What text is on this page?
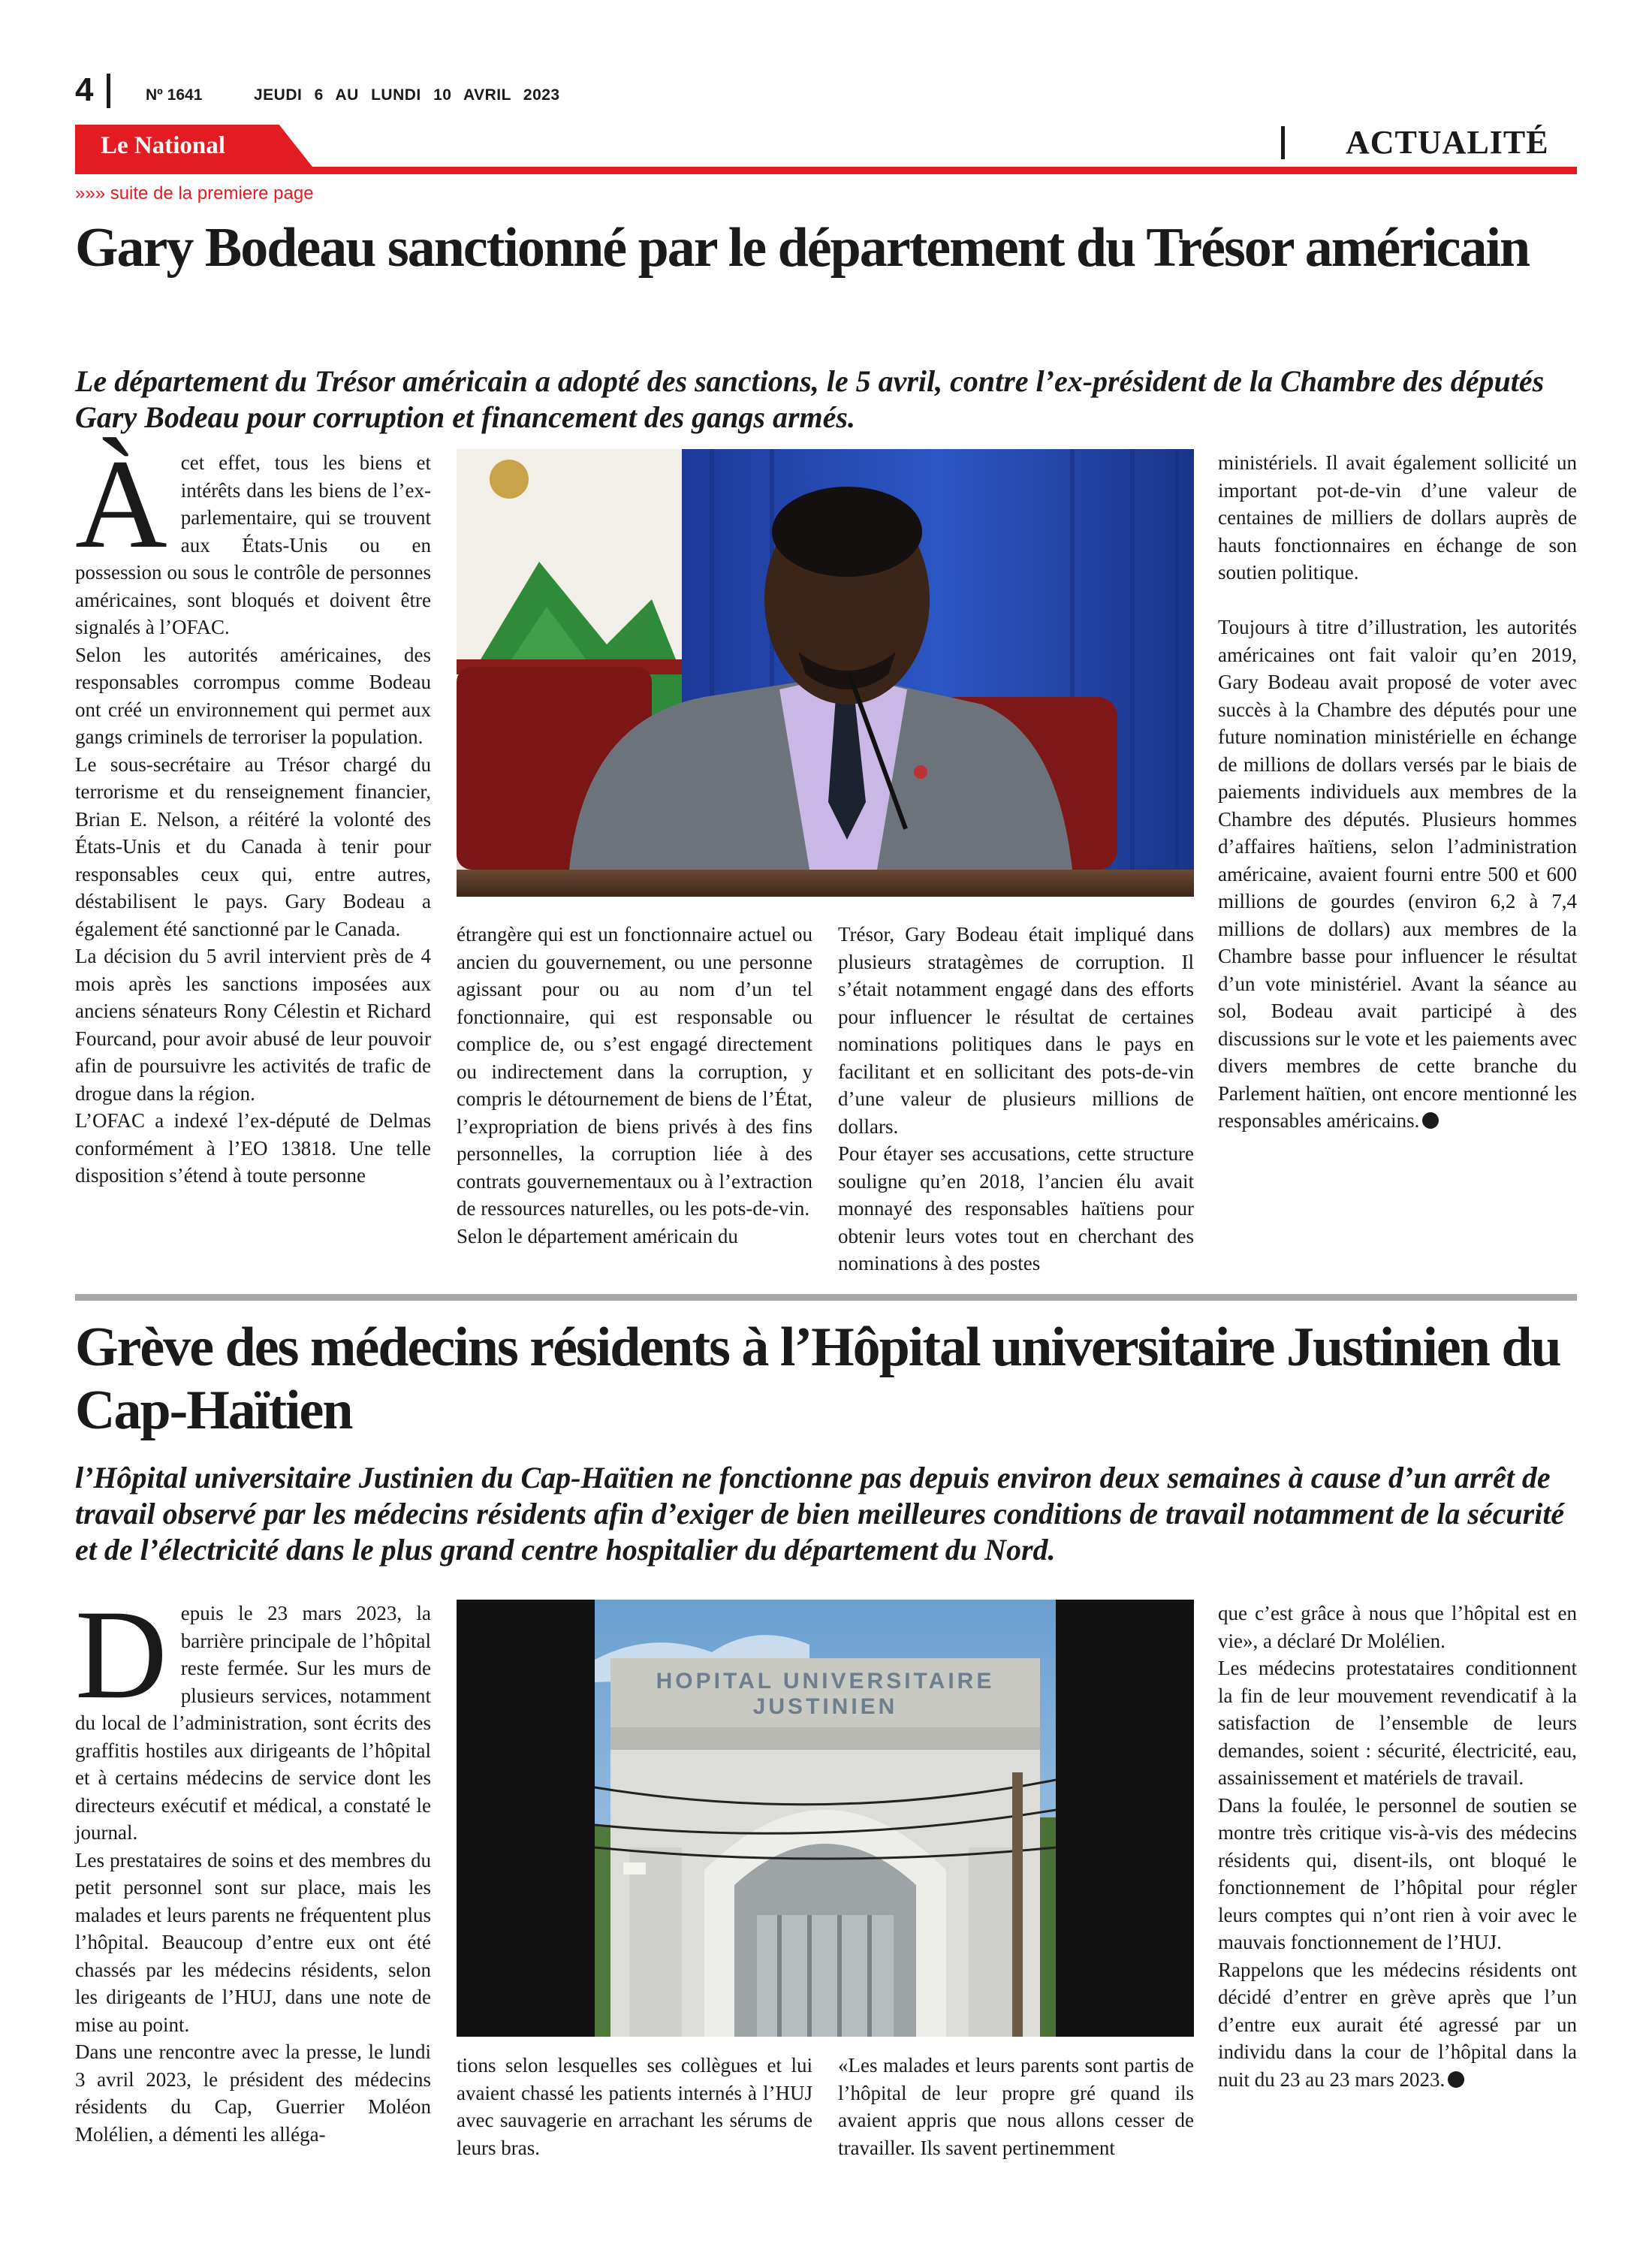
4	Nº 1641	JEUDI 6 AU LUNDI 10 AVRIL 2023
Le National	ACTUALITÉ
»»» suite de la premiere page
Gary Bodeau sanctionné par le département du Trésor américain

Le département du Trésor américain a adopté des sanctions, le 5 avril, contre l’ex-président de la Chambre des députés Gary Bodeau pour corruption et financement des gangs armés.

Àcet effet, tous les biens et intérêts dans les biens de l’ex-parlementaire, qui se trouvent aux États-Unis ou en possession ou sous le contrôle de personnes américaines, sont bloqués et doivent être signalés à l’OFAC.

Selon les autorités américaines, des responsables corrompus comme Bodeau ont créé un environnement qui permet aux gangs criminels de terroriser la population.

Le sous-secrétaire au Trésor chargé du terrorisme et du renseignement financier, Brian E. Nelson, a réitéré la volonté des États-Unis et du Canada à tenir pour responsables ceux qui, entre autres, déstabilisent le pays. Gary Bodeau a également été sanctionné par le Canada.

La décision du 5 avril intervient près de 4 mois après les sanctions imposées aux anciens sénateurs Rony Célestin et Richard Fourcand, pour avoir abusé de leur pouvoir afin de poursuivre les activités de trafic de drogue dans la région.

L’OFAC a indexé l’ex-député de Delmas conformément à l’EO 13818. Une telle disposition s’étend à toute personne

étrangère qui est un fonctionnaire actuel ou ancien du gouvernement, ou une personne agissant pour ou au nom d’un tel fonctionnaire, qui est responsable ou complice de, ou s’est engagé directement ou indirectement dans la corruption, y compris le détournement de biens de l’État, l’expropriation de biens privés à des fins personnelles, la corruption liée à des contrats gouvernementaux ou à l’extraction de ressources naturelles, ou les pots-de-vin.

Selon le département américain du

Trésor, Gary Bodeau était impliqué dans plusieurs stratagèmes de corruption. Il s’était notamment engagé dans des efforts pour influencer le résultat de certaines nominations politiques dans le pays en facilitant et en sollicitant des pots-de-vin d’une valeur de plusieurs millions de dollars.

Pour étayer ses accusations, cette structure souligne qu’en 2018, l’ancien élu avait monnayé des responsables haïtiens pour obtenir leurs votes tout en cherchant des nominations à des postes

ministériels. Il avait également sollicité un important pot-de-vin d’une valeur de centaines de milliers de dollars auprès de hauts fonctionnaires en échange de son soutien politique.

Toujours à titre d’illustration, les autorités américaines ont fait valoir qu’en 2019, Gary Bodeau avait proposé de voter avec succès à la Chambre des députés pour une future nomination ministérielle en échange de millions de dollars versés par le biais de paiements individuels aux membres de la Chambre des députés. Plusieurs hommes d’affaires haïtiens, selon l’administration américaine, avaient fourni entre 500 et 600 millions de gourdes (environ 6,2 à 7,4 millions de dollars) aux membres de la Chambre basse pour influencer le résultat d’un vote ministériel. Avant la séance au sol, Bodeau avait participé à des discussions sur le vote et les paiements avec divers membres de cette branche du Parlement haïtien, ont encore mentionné les responsables américains.

Grève des médecins résidents à l’Hôpital universitaire Justinien du Cap-Haïtien

l’Hôpital universitaire Justinien du Cap-Haïtien ne fonctionne pas depuis environ deux semaines à cause d’un arrêt de travail observé par les médecins résidents afin d’exiger de bien meilleures conditions de travail notamment de la sécurité et de l’électricité dans le plus grand centre hospitalier du département du Nord.

Depuis le 23 mars 2023, la barrière principale de l’hôpital reste fermée. Sur les murs de plusieurs services, notamment du local de l’administration, sont écrits des graffitis hostiles aux dirigeants de l’hôpital et à certains médecins de service dont les directeurs exécutif et médical, a constaté le journal.

Les prestataires de soins et des membres du petit personnel sont sur place, mais les malades et leurs parents ne fréquentent plus l’hôpital. Beaucoup d’entre eux ont été chassés par les médecins résidents, selon les dirigeants de l’HUJ, dans une note de mise au point.

Dans une rencontre avec la presse, le lundi 3 avril 2023, le président des médecins résidents du Cap, Guerrier Moléon Molélien, a démenti les alléga-

HOPITAL UNIVERSITAIRE
JUSTINIEN

tions selon lesquelles ses collègues et lui avaient chassé les patients internés à l’HUJ avec sauvagerie en arrachant les sérums de leurs bras.

«Les malades et leurs parents sont partis de l’hôpital de leur propre gré quand ils avaient appris que nous allons cesser de travailler. Ils savent pertinemment

que c’est grâce à nous que l’hôpital est en vie», a déclaré Dr Molélien.

Les médecins protestataires conditionnent la fin de leur mouvement revendicatif à la satisfaction de l’ensemble de leurs demandes, soient : sécurité, électricité, eau, assainissement et matériels de travail.

Dans la foulée, le personnel de soutien se montre très critique vis-à-vis des médecins résidents qui, disent-ils, ont bloqué le fonctionnement de l’hôpital pour régler leurs comptes qui n’ont rien à voir avec le mauvais fonctionnement de l’HUJ.

Rappelons que les médecins résidents ont décidé d’entrer en grève après que l’un d’entre eux aurait été agressé par un individu dans la cour de l’hôpital dans la nuit du 23 au 23 mars 2023.
